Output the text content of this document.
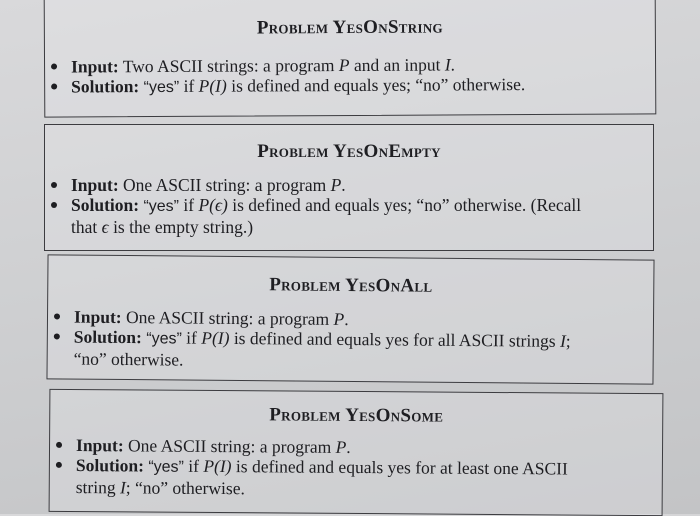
Problem YesOnString

Input: Two ASCII strings: a program P and an input I.
Solution: “yes” if P(I) is defined and equals yes; “no” otherwise.

Problem YesOnEmpty

Input: One ASCII string: a program P.
Solution: “yes” if P(ϵ) is defined and equals yes; “no” otherwise. (Recall
that ϵ is the empty string.)

Problem YesOnAll

Input: One ASCII string: a program P.
Solution: “yes” if P(I) is defined and equals yes for all ASCII strings I;
“no” otherwise.

Problem YesOnSome

Input: One ASCII string: a program P.
Solution: “yes” if P(I) is defined and equals yes for at least one ASCII
string I; “no” otherwise.
